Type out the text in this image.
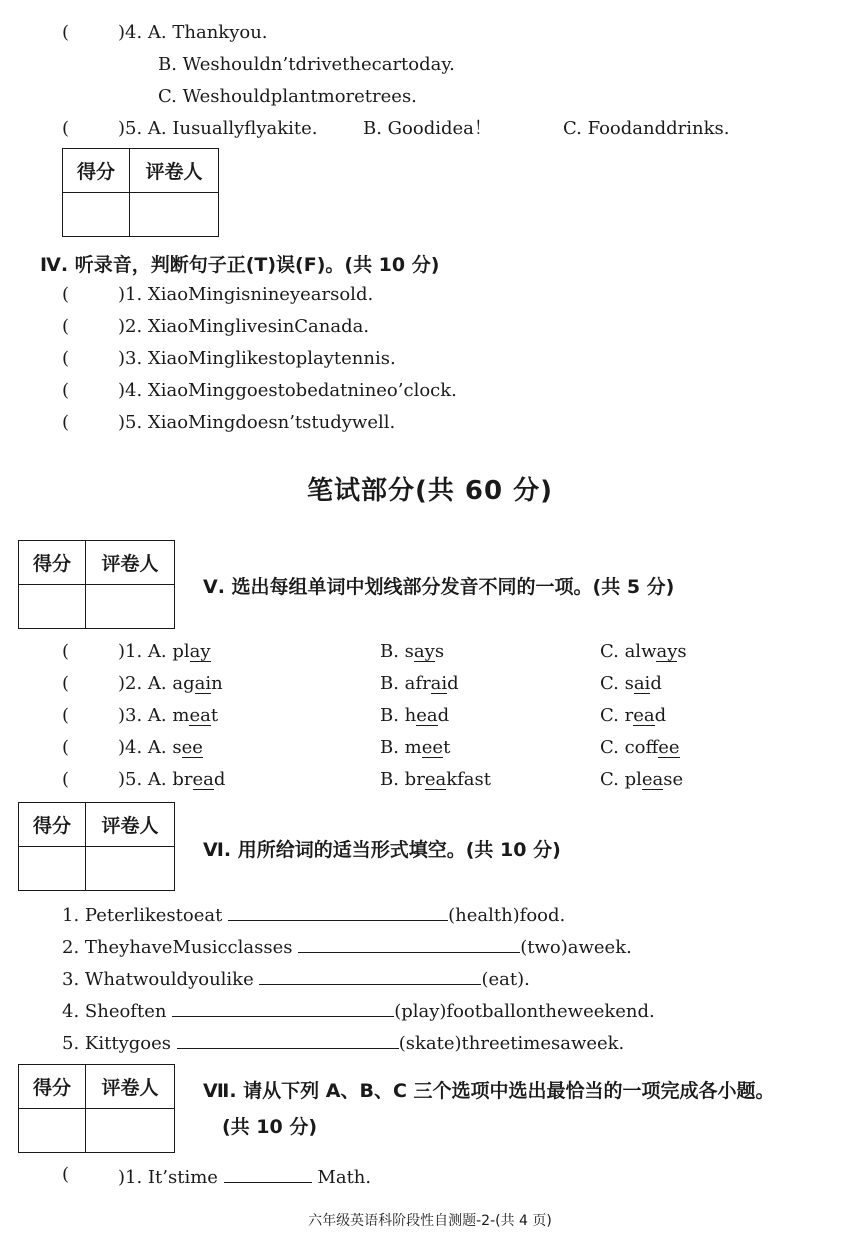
(	)4. A. Thankyou.
B. Weshouldn’tdrivethecartoday.
C. Weshouldplantmoretrees.
(	)5. A. Iusuallyflyakite.	B. Goodidea！	C. Foodanddrinks.
得分	评卷人

Ⅳ. 听录音，判断句子正(T)误(F)。(共 10 分)
(	)1. XiaoMingisnineyearsold.
(	)2. XiaoMinglivesinCanada.
(	)3. XiaoMinglikestoplaytennis.
(	)4. XiaoMinggoestobedatnineo’clock.
(	)5. XiaoMingdoesn’tstudywell.
笔试部分(共 60 分)
得分	评卷人

Ⅴ. 选出每组单词中划线部分发音不同的一项。(共 5 分)
(	)1. A. play	B. says	C. always
(	)2. A. again	B. afraid	C. said
(	)3. A. meat	B. head	C. read
(	)4. A. see	B. meet	C. coffee
(	)5. A. bread	B. breakfast	C. please
得分	评卷人

Ⅵ. 用所给词的适当形式填空。(共 10 分)
1. Peterlikestoeat	(health)food.
2. TheyhaveMusicclasses	(two)aweek.
3. Whatwouldyoulike	(eat).
4. Sheoften	(play)footballontheweekend.
5. Kittygoes	(skate)threetimesaweek.
得分	评卷人
	Ⅶ. 请从下列 A、B、C 三个选项中选出最恰当的一项完成各小题。
(共 10 分)
(	)1. It’stime	Math.
六年级英语科阶段性自测题-2-(共 4 页)
